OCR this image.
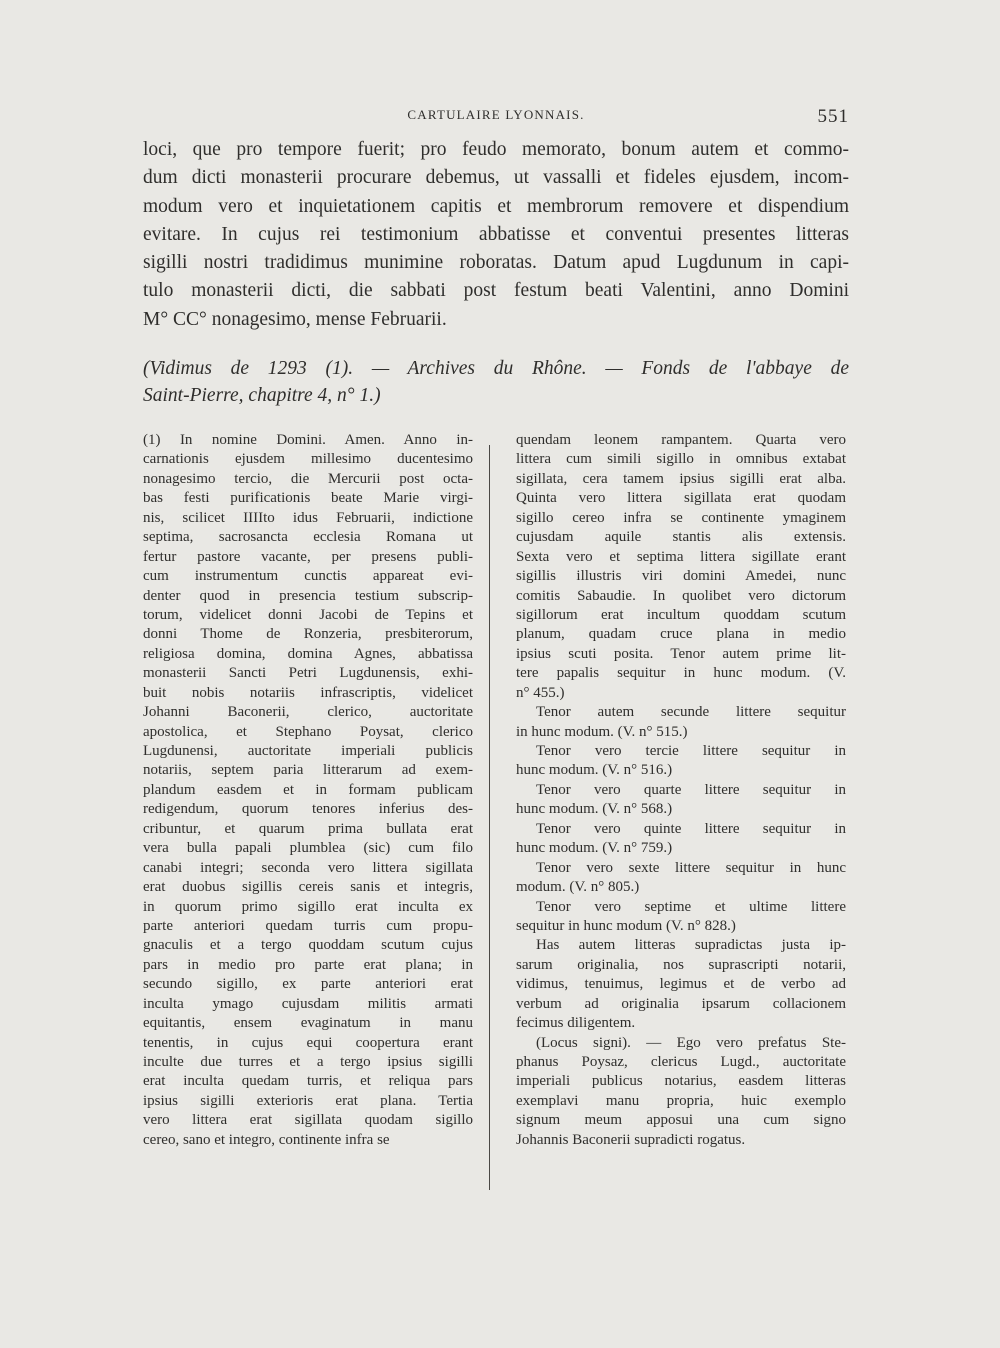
CARTULAIRE LYONNAIS.	551
loci, que pro tempore fuerit; pro feudo memorato, bonum autem et commo-
dum dicti monasterii procurare debemus, ut vassalli et fideles ejusdem, incom-
modum vero et inquietationem capitis et membrorum removere et dispendium
evitare. In cujus rei testimonium abbatisse et conventui presentes litteras
sigilli nostri tradidimus munimine roboratas. Datum apud Lugdunum in capi-
tulo monasterii dicti, die sabbati post festum beati Valentini, anno Domini
M° CC° nonagesimo, mense Februarii.
(Vidimus de 1293 (1). — Archives du Rhône. — Fonds de l'abbaye de
Saint-Pierre, chapitre 4, n° 1.)
(1) In nomine Domini. Amen. Anno in-
carnationis ejusdem millesimo ducentesimo
nonagesimo tercio, die Mercurii post octa-
bas festi purificationis beate Marie virgi-
nis, scilicet IIIIto idus Februarii, indictione
septima, sacrosancta ecclesia Romana ut
fertur pastore vacante, per presens publi-
cum instrumentum cunctis appareat evi-
denter quod in presencia testium subscrip-
torum, videlicet donni Jacobi de Tepins et
donni Thome de Ronzeria, presbiterorum,
religiosa domina, domina Agnes, abbatissa
monasterii Sancti Petri Lugdunensis, exhi-
buit nobis notariis infrascriptis, videlicet
Johanni Baconerii, clerico, auctoritate
apostolica, et Stephano Poysat, clerico
Lugdunensi, auctoritate imperiali publicis
notariis, septem paria litterarum ad exem-
plandum easdem et in formam publicam
redigendum, quorum tenores inferius des-
cribuntur, et quarum prima bullata erat
vera bulla papali plumblea (sic) cum filo
canabi integri; seconda vero littera sigillata
erat duobus sigillis cereis sanis et integris,
in quorum primo sigillo erat inculta ex
parte anteriori quedam turris cum propu-
gnaculis et a tergo quoddam scutum cujus
pars in medio pro parte erat plana; in
secundo sigillo, ex parte anteriori erat
inculta ymago cujusdam militis armati
equitantis, ensem evaginatum in manu
tenentis, in cujus equi coopertura erant
inculte due turres et a tergo ipsius sigilli
erat inculta quedam turris, et reliqua pars
ipsius sigilli exterioris erat plana. Tertia
vero littera erat sigillata quodam sigillo
cereo, sano et integro, continente infra se
quendam leonem rampantem. Quarta vero
littera cum simili sigillo in omnibus extabat
sigillata, cera tamem ipsius sigilli erat alba.
Quinta vero littera sigillata erat quodam
sigillo cereo infra se continente ymaginem
cujusdam aquile stantis alis extensis.
Sexta vero et septima littera sigillate erant
sigillis illustris viri domini Amedei, nunc
comitis Sabaudie. In quolibet vero dictorum
sigillorum erat incultum quoddam scutum
planum, quadam cruce plana in medio
ipsius scuti posita. Tenor autem prime lit-
tere papalis sequitur in hunc modum. (V.
n° 455.)
Tenor autem secunde littere sequitur
in hunc modum. (V. n° 515.)
Tenor vero tercie littere sequitur in
hunc modum. (V. n° 516.)
Tenor vero quarte littere sequitur in
hunc modum. (V. n° 568.)
Tenor vero quinte littere sequitur in
hunc modum. (V. n° 759.)
Tenor vero sexte littere sequitur in hunc
modum. (V. n° 805.)
Tenor vero septime et ultime littere
sequitur in hunc modum (V. n° 828.)
Has autem litteras supradictas justa ip-
sarum originalia, nos suprascripti notarii,
vidimus, tenuimus, legimus et de verbo ad
verbum ad originalia ipsarum collacionem
fecimus diligentem.
(Locus signi). — Ego vero prefatus Ste-
phanus Poysaz, clericus Lugd., auctoritate
imperiali publicus notarius, easdem litteras
exemplavi manu propria, huic exemplo
signum meum apposui una cum signo
Johannis Baconerii supradicti rogatus.
